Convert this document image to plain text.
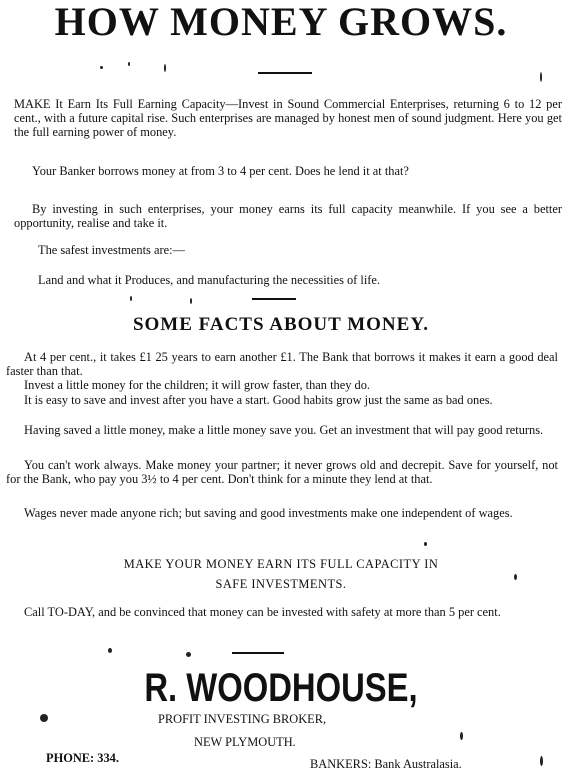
HOW MONEY GROWS.

MAKE It Earn Its Full Earning Capacity—Invest in Sound Commercial Enterprises, returning 6 to 12 per cent., with a future capital rise. Such enterprises are managed by honest men of sound judgment. Here you get the full earning power of money.

Your Banker borrows money at from 3 to 4 per cent. Does he lend it at that?

By investing in such enterprises, your money earns its full capacity meanwhile. If you see a better opportunity, realise and take it.

The safest investments are:—

Land and what it Produces, and manufacturing the necessities of life.

SOME FACTS ABOUT MONEY.

At 4 per cent., it takes £1 25 years to earn another £1. The Bank that borrows it makes it earn a good deal faster than that.

Invest a little money for the children; it will grow faster, than they do.

It is easy to save and invest after you have a start. Good habits grow just the same as bad ones.

Having saved a little money, make a little money save you. Get an investment that will pay good returns.

You can't work always. Make money your partner; it never grows old and decrepit. Save for yourself, not for the Bank, who pay you 3½ to 4 per cent. Don't think for a minute they lend at that.

Wages never made anyone rich; but saving and good investments make one independent of wages.

MAKE YOUR MONEY EARN ITS FULL CAPACITY IN
SAFE INVESTMENTS.

Call TO-DAY, and be convinced that money can be invested with safety at more than 5 per cent.

R. WOODHOUSE,
PROFIT INVESTING BROKER,
NEW PLYMOUTH.
PHONE: 334.	BANKERS: Bank Australasia.
